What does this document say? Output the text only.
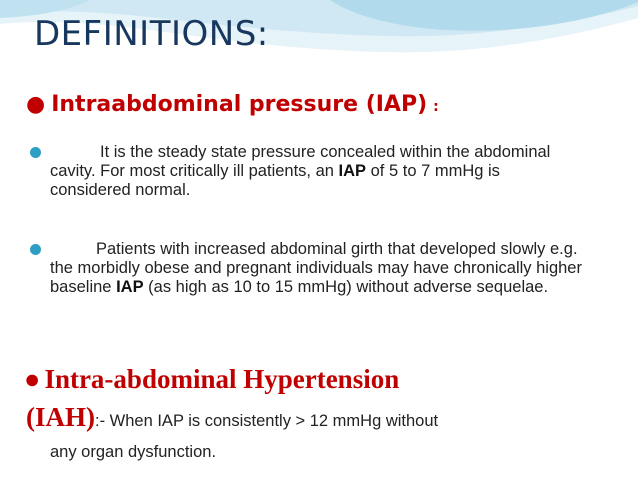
DEFINITIONS:

● Intraabdominal pressure (IAP) :

It is the steady state pressure concealed within the abdominal cavity. For most critically ill patients, an IAP of 5 to 7 mmHg is considered normal.

Patients with increased abdominal girth that developed slowly e.g. the morbidly obese and pregnant individuals may have chronically higher baseline IAP (as high as 10 to 15 mmHg) without adverse sequelae.

● Intra-abdominal Hypertension
(IAH):- When IAP is consistently > 12 mmHg without
any organ dysfunction.
